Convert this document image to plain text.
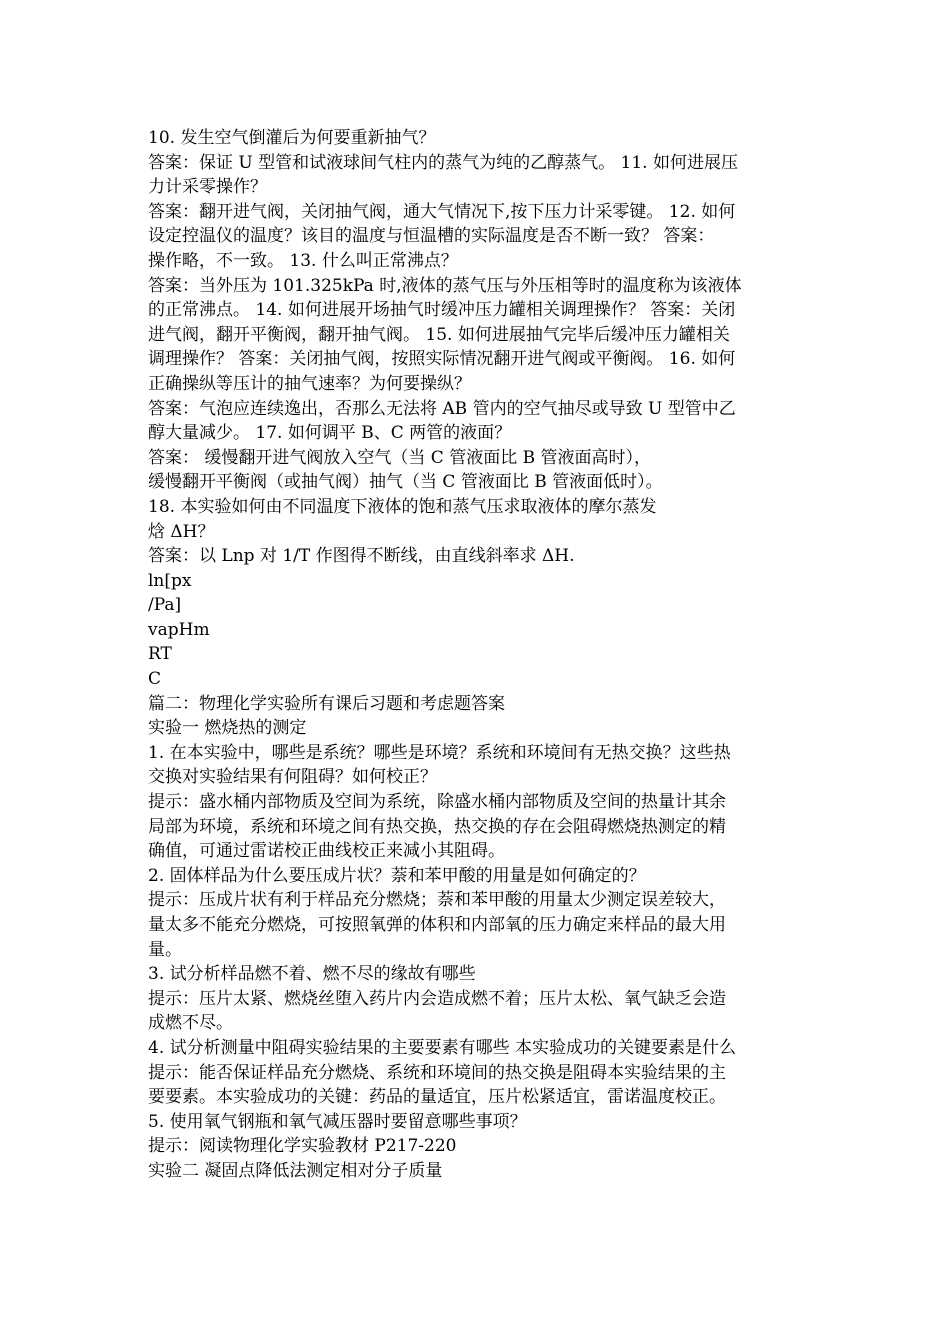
10. 发生空气倒灌后为何要重新抽气？

答案：保证 U 型管和试液球间气柱内的蒸气为纯的乙醇蒸气。 11. 如何进展压

力计采零操作？

答案：翻开进气阀，关闭抽气阀，通大气情况下,按下压力计采零键。 12. 如何

设定控温仪的温度？该目的温度与恒温槽的实际温度是否不断一致？ 答案：

操作略，不一致。 13. 什么叫正常沸点？

答案：当外压为 101.325kPa 时,液体的蒸气压与外压相等时的温度称为该液体

的正常沸点。 14. 如何进展开场抽气时缓冲压力罐相关调理操作？ 答案：关闭

进气阀，翻开平衡阀，翻开抽气阀。 15. 如何进展抽气完毕后缓冲压力罐相关

调理操作？ 答案：关闭抽气阀，按照实际情况翻开进气阀或平衡阀。 16. 如何

正确操纵等压计的抽气速率？为何要操纵？

答案：气泡应连续逸出，否那么无法将 AB 管内的空气抽尽或导致 U 型管中乙

醇大量减少。 17. 如何调平 B、C 两管的液面？

答案： 缓慢翻开进气阀放入空气（当 C 管液面比 B 管液面高时），

缓慢翻开平衡阀（或抽气阀）抽气（当 C 管液面比 B 管液面低时）。

18. 本实验如何由不同温度下液体的饱和蒸气压求取液体的摩尔蒸发

焓 ΔH？

答案：以 Lnp 对 1/T 作图得不断线，由直线斜率求 ΔH.

ln[px

/Pa]

vapHm

RT

C

篇二：物理化学实验所有课后习题和考虑题答案

实验一 燃烧热的测定

1. 在本实验中，哪些是系统？哪些是环境？系统和环境间有无热交换？这些热

交换对实验结果有何阻碍？如何校正？

提示：盛水桶内部物质及空间为系统，除盛水桶内部物质及空间的热量计其余

局部为环境，系统和环境之间有热交换，热交换的存在会阻碍燃烧热测定的精

确值，可通过雷诺校正曲线校正来减小其阻碍。

2. 固体样品为什么要压成片状？萘和苯甲酸的用量是如何确定的？

提示：压成片状有利于样品充分燃烧；萘和苯甲酸的用量太少测定误差较大，

量太多不能充分燃烧，可按照氧弹的体积和内部氧的压力确定来样品的最大用

量。

3. 试分析样品燃不着、燃不尽的缘故有哪些

提示：压片太紧、燃烧丝堕入药片内会造成燃不着；压片太松、氧气缺乏会造

成燃不尽。

4. 试分析测量中阻碍实验结果的主要要素有哪些 本实验成功的关键要素是什么

提示：能否保证样品充分燃烧、系统和环境间的热交换是阻碍本实验结果的主

要要素。本实验成功的关键：药品的量适宜，压片松紧适宜，雷诺温度校正。

5. 使用氧气钢瓶和氧气减压器时要留意哪些事项？

提示：阅读物理化学实验教材 P217-220

实验二 凝固点降低法测定相对分子质量
